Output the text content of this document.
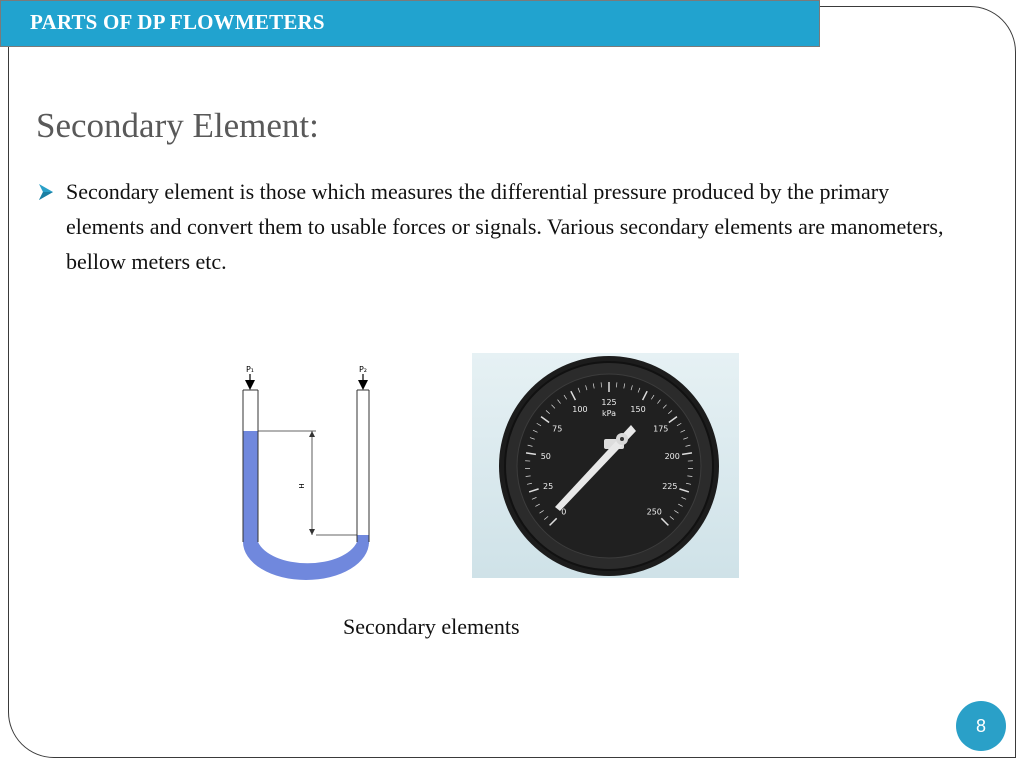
PARTS OF DP FLOWMETERS
Secondary Element:
Secondary element is those which measures the differential pressure produced by the primary elements and convert them to usable forces or signals. Various secondary elements are manometers, bellow meters etc.
P₁	P₂
H
0
25
50
75
100
125
150
175
200
225
250
kPa
Secondary elements
8
